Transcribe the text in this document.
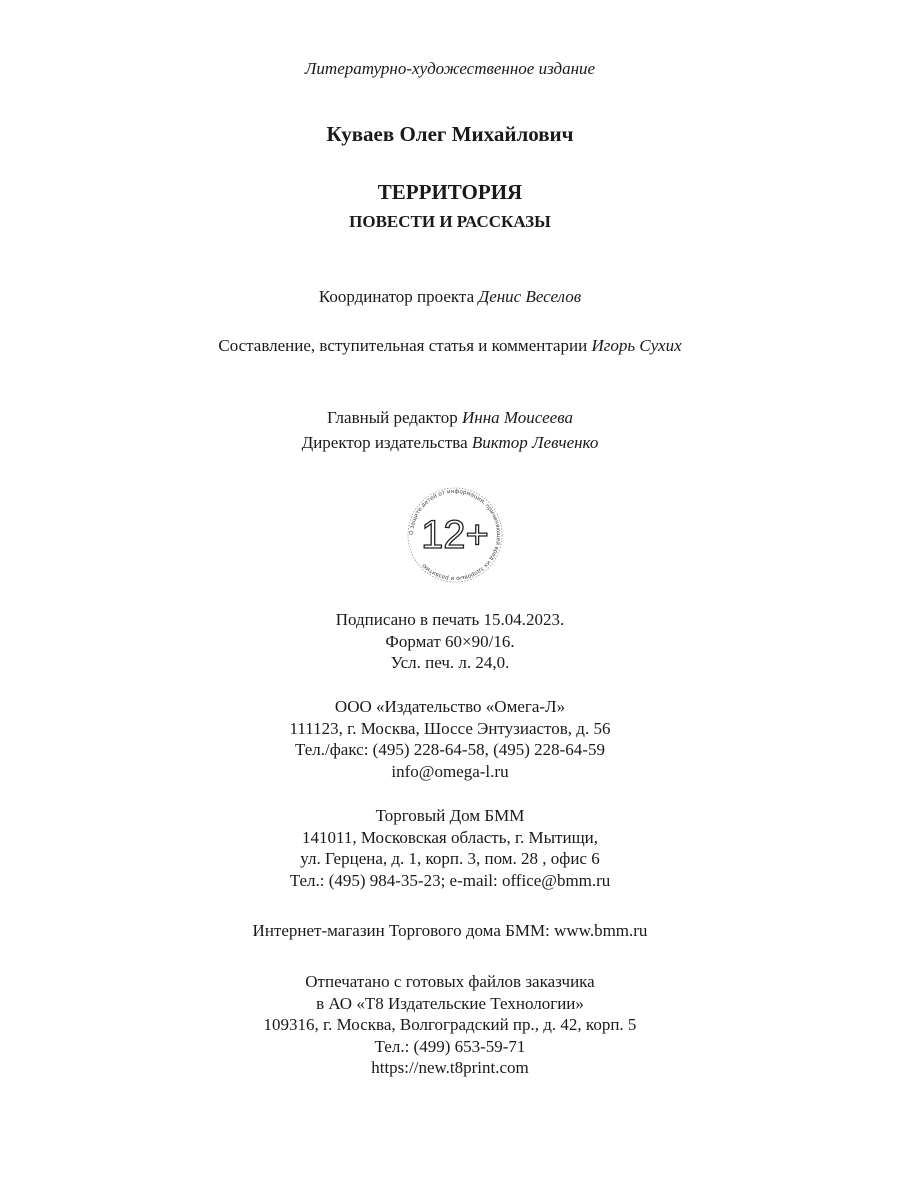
Литературно-художественное издание
Куваев Олег Михайлович
ТЕРРИТОРИЯ
ПОВЕСТИ И РАССКАЗЫ
Координатор проекта Денис Веселов
Составление, вступительная статья и комментарии Игорь Сухих
Главный редактор Инна Моисеева
Директор издательства Виктор Левченко
О защите детей от информации, причиняющей вред их здоровью и развитию
12+
Подписано в печать 15.04.2023.
Формат 60×90/16.
Усл. печ. л. 24,0.
ООО «Издательство «Омега-Л»
111123, г. Москва, Шоссе Энтузиастов, д. 56
Тел./факс: (495) 228-64-58, (495) 228-64-59
info@omega-l.ru
Торговый Дом БММ
141011, Московская область, г. Мытищи,
ул. Герцена, д. 1, корп. 3, пом. 28 , офис 6
Тел.: (495) 984-35-23; e-mail: office@bmm.ru
Интернет-магазин Торгового дома БММ: www.bmm.ru
Отпечатано с готовых файлов заказчика
в АО «Т8 Издательские Технологии»
109316, г. Москва, Волгоградский пр., д. 42, корп. 5
Тел.: (499) 653-59-71
https://new.t8print.com
